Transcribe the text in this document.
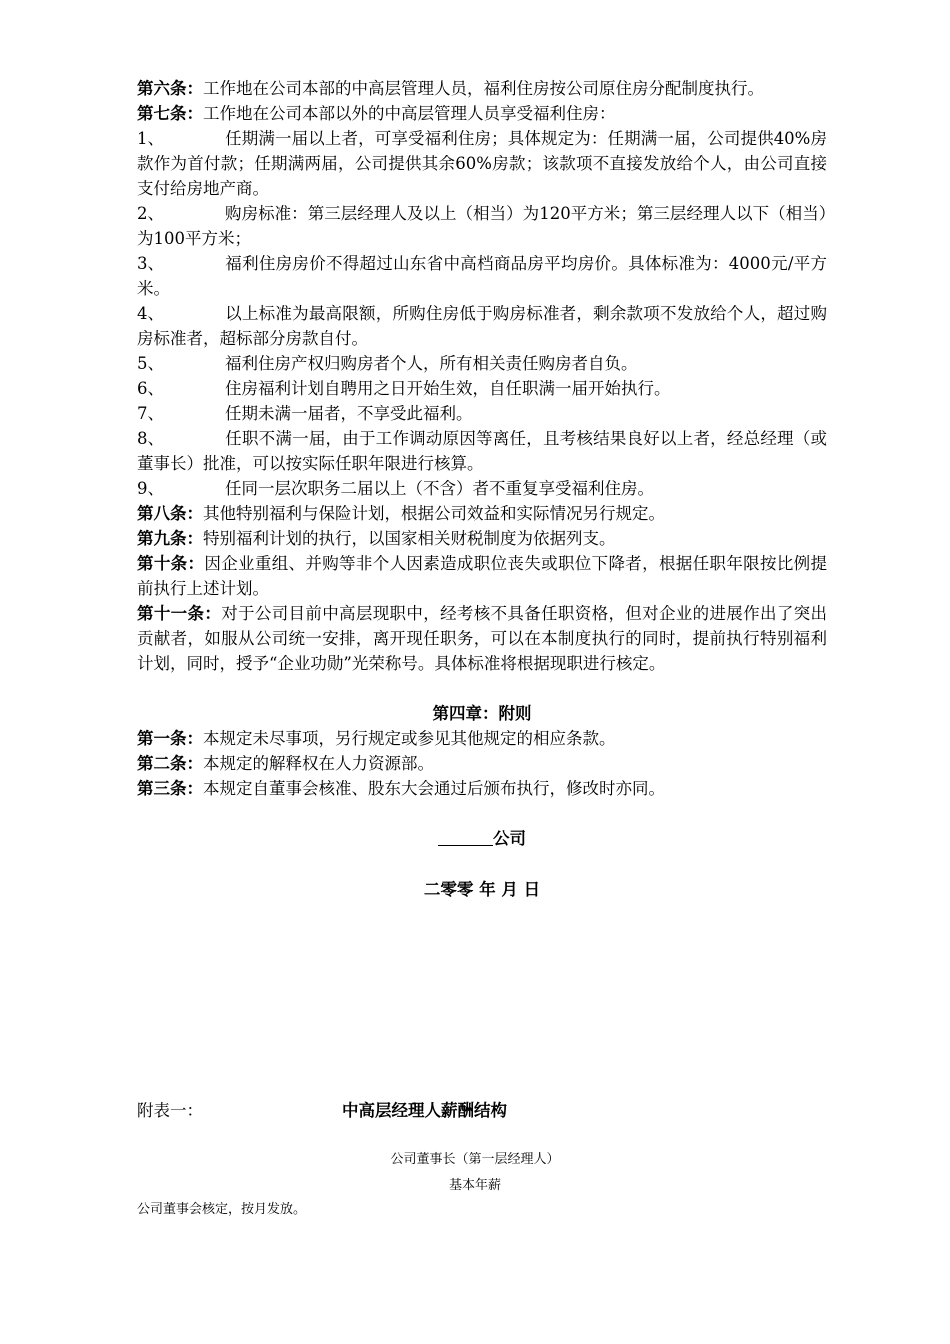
第六条：工作地在公司本部的中高层管理人员，福利住房按公司原住房分配制度执行。

第七条：工作地在公司本部以外的中高层管理人员享受福利住房：

1、	任期满一届以上者，可享受福利住房；具体规定为：任期满一届，公司提供40%房款作为首付款；任期满两届，公司提供其余60%房款；该款项不直接发放给个人，由公司直接支付给房地产商。

2、	购房标准：第三层经理人及以上（相当）为120平方米；第三层经理人以下（相当）为100平方米；

3、	福利住房房价不得超过山东省中高档商品房平均房价。具体标准为：4000元/平方米。

4、	以上标准为最高限额，所购住房低于购房标准者，剩余款项不发放给个人，超过购房标准者，超标部分房款自付。

5、	福利住房产权归购房者个人，所有相关责任购房者自负。

6、	住房福利计划自聘用之日开始生效，自任职满一届开始执行。

7、	任期未满一届者，不享受此福利。

8、	任职不满一届，由于工作调动原因等离任，且考核结果良好以上者，经总经理（或董事长）批准，可以按实际任职年限进行核算。

9、	任同一层次职务二届以上（不含）者不重复享受福利住房。

第八条：其他特别福利与保险计划，根据公司效益和实际情况另行规定。

第九条：特别福利计划的执行，以国家相关财税制度为依据列支。

第十条：因企业重组、并购等非个人因素造成职位丧失或职位下降者，根据任职年限按比例提前执行上述计划。

第十一条：对于公司目前中高层现职中，经考核不具备任职资格，但对企业的进展作出了突出贡献者，如服从公司统一安排，离开现任职务，可以在本制度执行的同时，提前执行特别福利计划，同时，授予“企业功勋”光荣称号。具体标准将根据现职进行核定。

第四章：附则

第一条：本规定未尽事项，另行规定或参见其他规定的相应条款。

第二条：本规定的解释权在人力资源部。

第三条：本规定自董事会核准、股东大会通过后颁布执行，修改时亦同。

公司

二零零 年 月 日

附表一：	中高层经理人薪酬结构
公司董事长（第一层经理人）
基本年薪
公司董事会核定，按月发放。
